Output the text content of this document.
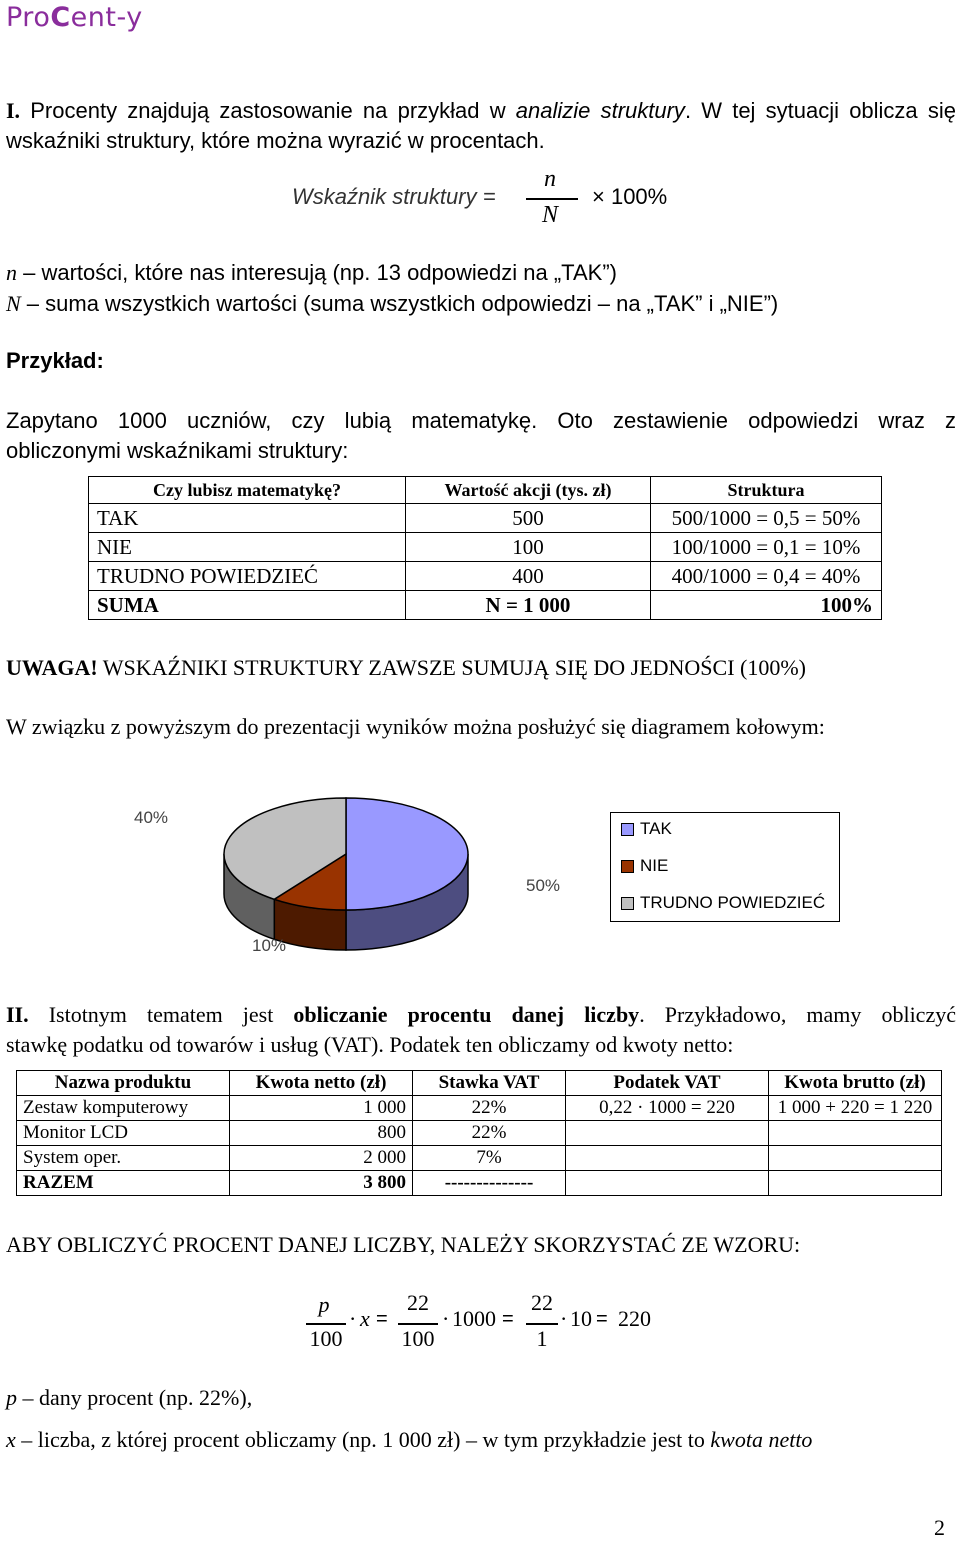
ProCent-y
I. Procenty znajdują zastosowanie na przykład w analizie struktury. W tej sytuacji oblicza się
wskaźniki struktury, które można wyrazić w procentach.
Wskaźnik struktury =
n
N
× 100%
n – wartości, które nas interesują (np. 13 odpowiedzi na „TAK”)
N – suma wszystkich wartości (suma wszystkich odpowiedzi – na „TAK” i „NIE”)
Przykład:
Zapytano 1000 uczniów, czy lubią matematykę. Oto zestawienie odpowiedzi wraz z
obliczonymi wskaźnikami struktury:
Czy lubisz matematykę?	Wartość akcji (tys. zł)	Struktura
TAK	500	500/1000 = 0,5 = 50%
NIE	100	100/1000 = 0,1 = 10%
TRUDNO POWIEDZIEĆ	400	400/1000 = 0,4 = 40%
SUMA	N = 1 000	100%
UWAGA! WSKAŹNIKI STRUKTURY ZAWSZE SUMUJĄ SIĘ DO JEDNOŚCI (100%)
W związku z powyższym do prezentacji wyników można posłużyć się diagramem kołowym:
40%
50%
10%
TAK
NIE
TRUDNO POWIEDZIEĆ
II. Istotnym tematem jest obliczanie procentu danej liczby. Przykładowo, mamy obliczyć
stawkę podatku od towarów i usług (VAT). Podatek ten obliczamy od kwoty netto:
Nazwa produktu	Kwota netto (zł)	Stawka VAT	Podatek VAT	Kwota brutto (zł)
Zestaw komputerowy	1 000	22%	0,22 · 1000 = 220	1 000 + 220 = 1 220
Monitor LCD	800	22%		
System oper.	2 000	7%		
RAZEM	3 800	--------------		
ABY OBLICZYĆ PROCENT DANEJ LICZBY, NALEŻY SKORZYSTAĆ ZE WZORU:
p
100
· x =
22
100
· 1000 =
22
1
· 10 = 220
p – dany procent (np. 22%),
x – liczba, z której procent obliczamy (np. 1 000 zł) – w tym przykładzie jest to kwota netto
2
